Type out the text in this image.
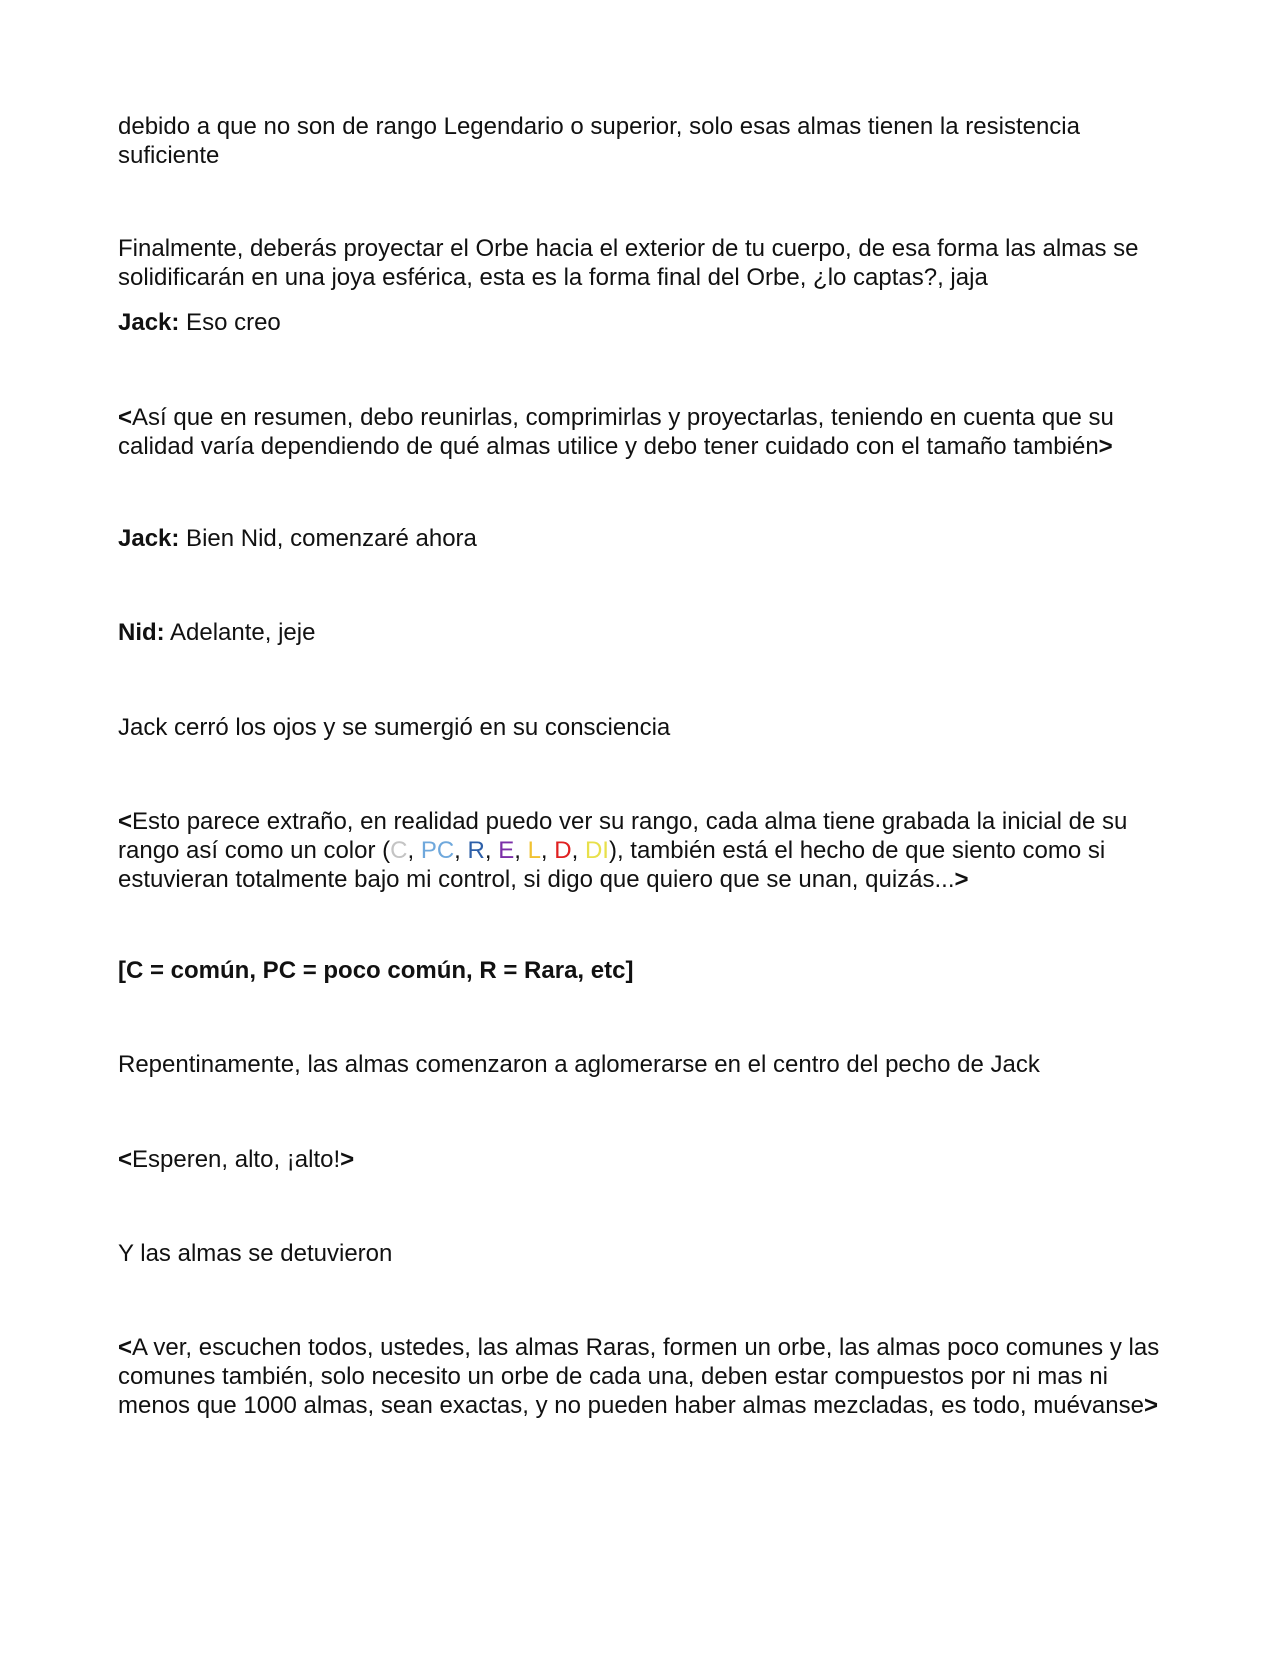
debido a que no son de rango Legendario o superior, solo esas almas tienen la resistencia suficiente

Finalmente, deberás proyectar el Orbe hacia el exterior de tu cuerpo, de esa forma las almas se solidificarán en una joya esférica, esta es la forma final del Orbe, ¿lo captas?, jaja

Jack: Eso creo

<Así que en resumen, debo reunirlas, comprimirlas y proyectarlas, teniendo en cuenta que su calidad varía dependiendo de qué almas utilice y debo tener cuidado con el tamaño también>

Jack: Bien Nid, comenzaré ahora

Nid: Adelante, jeje

Jack cerró los ojos y se sumergió en su consciencia

<Esto parece extraño, en realidad puedo ver su rango, cada alma tiene grabada la inicial de su rango así como un color (C, PC, R, E, L, D, DI), también está el hecho de que siento como si estuvieran totalmente bajo mi control, si digo que quiero que se unan, quizás...>

[C = común, PC = poco común, R = Rara, etc]

Repentinamente, las almas comenzaron a aglomerarse en el centro del pecho de Jack

<Esperen, alto, ¡alto!>

Y las almas se detuvieron

<A ver, escuchen todos, ustedes, las almas Raras, formen un orbe, las almas poco comunes y las comunes también, solo necesito un orbe de cada una, deben estar compuestos por ni mas ni menos que 1000 almas, sean exactas, y no pueden haber almas mezcladas, es todo, muévanse>
